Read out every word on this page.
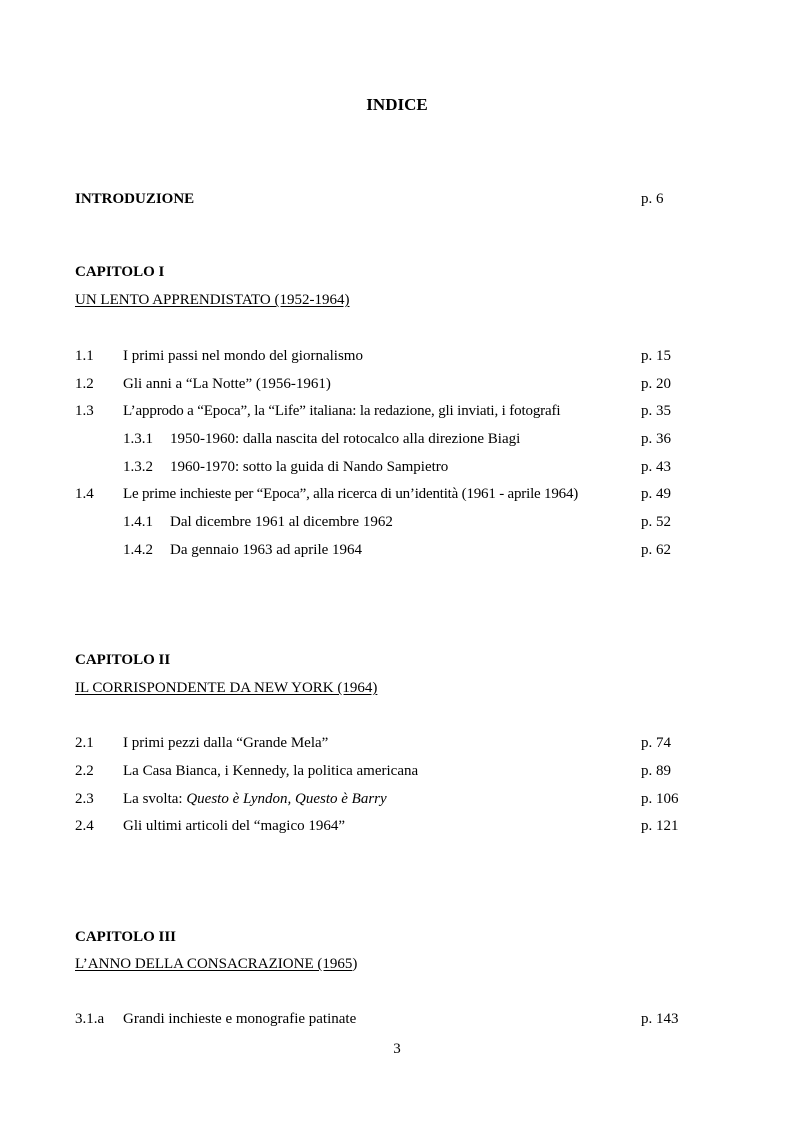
INDICE
INTRODUZIONE	p. 6
CAPITOLO I
UN LENTO APPRENDISTATO (1952-1964)
1.1 I primi passi nel mondo del giornalismo	p. 15
1.2 Gli anni a “La Notte” (1956-1961)	p. 20
1.3 L’approdo a “Epoca”, la “Life” italiana: la redazione, gli inviati, i fotografi	p. 35
1.3.1 1950-1960: dalla nascita del rotocalco alla direzione Biagi	p. 36
1.3.2 1960-1970: sotto la guida di Nando Sampietro	p. 43
1.4 Le prime inchieste per “Epoca”, alla ricerca di un’identità (1961 - aprile 1964)	p. 49
1.4.1 Dal dicembre 1961 al dicembre 1962	p. 52
1.4.2 Da gennaio 1963 ad aprile 1964	p. 62
CAPITOLO II
IL CORRISPONDENTE DA NEW YORK (1964)
2.1 I primi pezzi dalla “Grande Mela”	p. 74
2.2 La Casa Bianca, i Kennedy, la politica americana	p. 89
2.3 La svolta: Questo è Lyndon, Questo è Barry	p. 106
2.4 Gli ultimi articoli del “magico 1964”	p. 121
CAPITOLO III
L’ANNO DELLA CONSACRAZIONE (1965)
3.1.a Grandi inchieste e monografie patinate	p. 143
3
